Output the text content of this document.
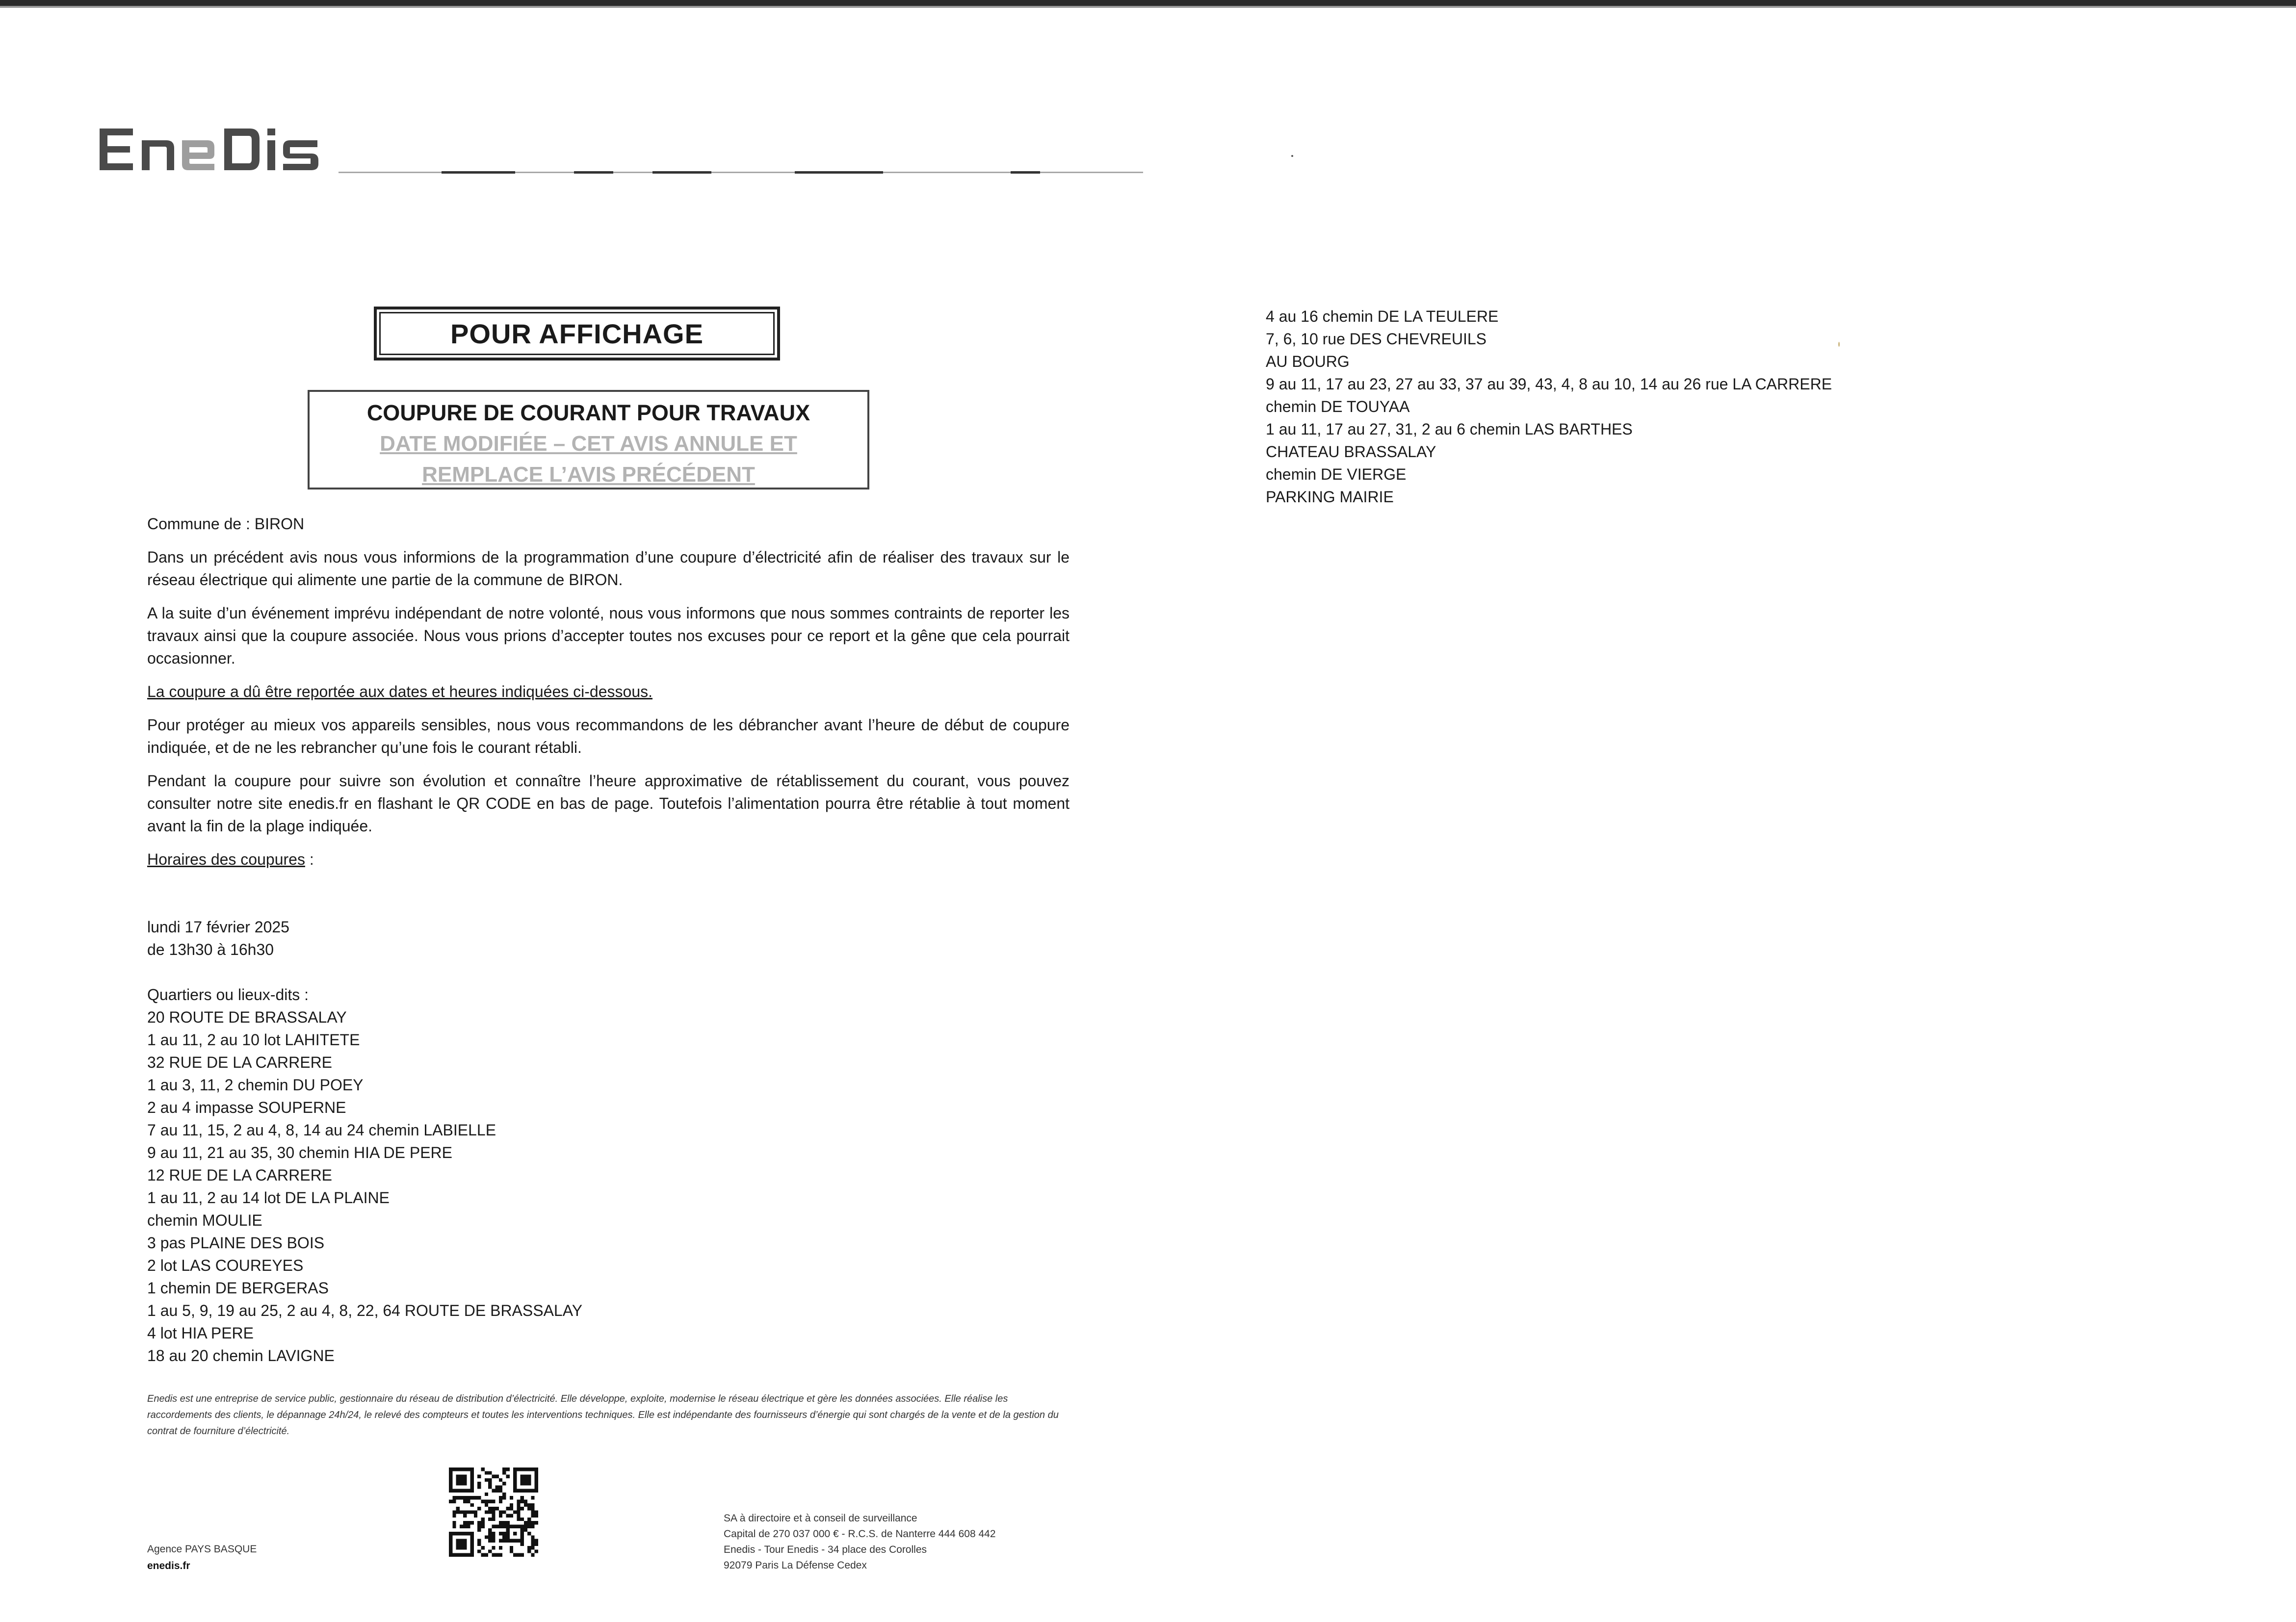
POUR AFFICHAGE
COUPURE DE COURANT POUR TRAVAUX
DATE MODIFIÉE – CET AVIS ANNULE ET
REMPLACE L’AVIS PRÉCÉDENT

Commune de : BIRON

Dans un précédent avis nous vous informions de la programmation d’une coupure d’électricité afin de réaliser des travaux sur le réseau électrique qui alimente une partie de la commune de BIRON.

A la suite d’un événement imprévu indépendant de notre volonté, nous vous informons que nous sommes contraints de reporter les travaux ainsi que la coupure associée. Nous vous prions d’accepter toutes nos excuses pour ce report et la gêne que cela pourrait occasionner.

La coupure a dû être reportée aux dates et heures indiquées ci-dessous.

Pour protéger au mieux vos appareils sensibles, nous vous recommandons de les débrancher avant l’heure de début de coupure indiquée, et de ne les rebrancher qu’une fois le courant rétabli.

Pendant la coupure pour suivre son évolution et connaître l’heure approximative de rétablissement du courant, vous pouvez consulter notre site enedis.fr en flashant le QR CODE en bas de page. Toutefois l’alimentation pourra être rétablie à tout moment avant la fin de la plage indiquée.

Horaires des coupures :

lundi 17 février 2025

de 13h30 à 16h30

Quartiers ou lieux-dits :

20 ROUTE DE BRASSALAY
1 au 11, 2 au 10 lot LAHITETE
32 RUE DE LA CARRERE
1 au 3, 11, 2 chemin DU POEY
2 au 4 impasse SOUPERNE
7 au 11, 15, 2 au 4, 8, 14 au 24 chemin LABIELLE
9 au 11, 21 au 35, 30 chemin HIA DE PERE
12 RUE DE LA CARRERE
1 au 11, 2 au 14 lot DE LA PLAINE
chemin MOULIE
3 pas PLAINE DES BOIS
2 lot LAS COUREYES
1 chemin DE BERGERAS
1 au 5, 9, 19 au 25, 2 au 4, 8, 22, 64 ROUTE DE BRASSALAY
4 lot HIA PERE
18 au 20 chemin LAVIGNE
4 au 16 chemin DE LA TEULERE
7, 6, 10 rue DES CHEVREUILS
AU BOURG
9 au 11, 17 au 23, 27 au 33, 37 au 39, 43, 4, 8 au 10, 14 au 26 rue LA CARRERE
chemin DE TOUYAA
1 au 11, 17 au 27, 31, 2 au 6 chemin LAS BARTHES
CHATEAU BRASSALAY
chemin DE VIERGE
PARKING MAIRIE
Enedis est une entreprise de service public, gestionnaire du réseau de distribution d’électricité. Elle développe, exploite, modernise le réseau électrique et gère les données associées. Elle réalise les raccordements des clients, le dépannage 24h/24, le relevé des compteurs et toutes les interventions techniques. Elle est indépendante des fournisseurs d’énergie qui sont chargés de la vente et de la gestion du contrat de fourniture d’électricité.
Agence PAYS BASQUE
enedis.fr
SA à directoire et à conseil de surveillance
Capital de 270 037 000 € - R.C.S. de Nanterre 444 608 442
Enedis - Tour Enedis - 34 place des Corolles
92079 Paris La Défense Cedex
